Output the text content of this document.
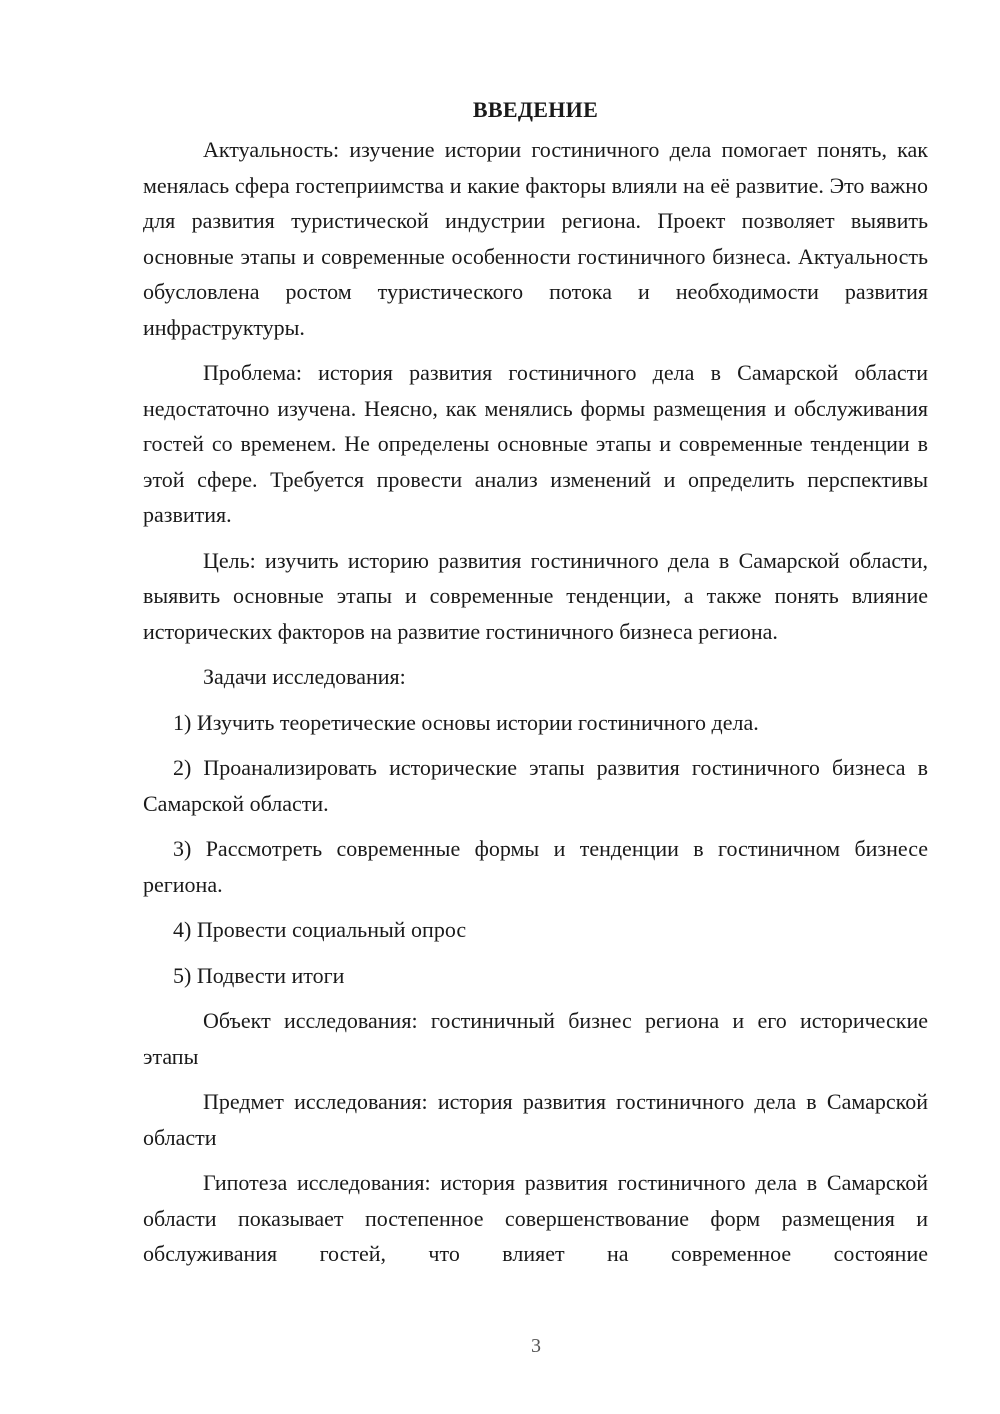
ВВЕДЕНИЕ

Актуальность: изучение истории гостиничного дела помогает понять, как менялась сфера гостеприимства и какие факторы влияли на её развитие. Это важно для развития туристической индустрии региона. Проект позволяет выявить основные этапы и современные особенности гостиничного бизнеса. Актуальность обусловлена ростом туристического потока и необходимости развития инфраструктуры.

Проблема: история развития гостиничного дела в Самарской области недостаточно изучена. Неясно, как менялись формы размещения и обслуживания гостей со временем. Не определены основные этапы и современные тенденции в этой сфере. Требуется провести анализ изменений и определить перспективы развития.

Цель: изучить историю развития гостиничного дела в Самарской области, выявить основные этапы и современные тенденции, а также понять влияние исторических факторов на развитие гостиничного бизнеса региона.

Задачи исследования:

1) Изучить теоретические основы истории гостиничного дела.

2) Проанализировать исторические этапы развития гостиничного бизнеса в Самарской области.

3) Рассмотреть современные формы и тенденции в гостиничном бизнесе региона.

4) Провести социальный опрос

5) Подвести итоги

Объект исследования: гостиничный бизнес региона и его исторические этапы

Предмет исследования: история развития гостиничного дела в Самарской области

Гипотеза исследования: история развития гостиничного дела в Самарской области показывает постепенное совершенствование форм размещения и обслуживания гостей, что влияет на современное состояние

3
